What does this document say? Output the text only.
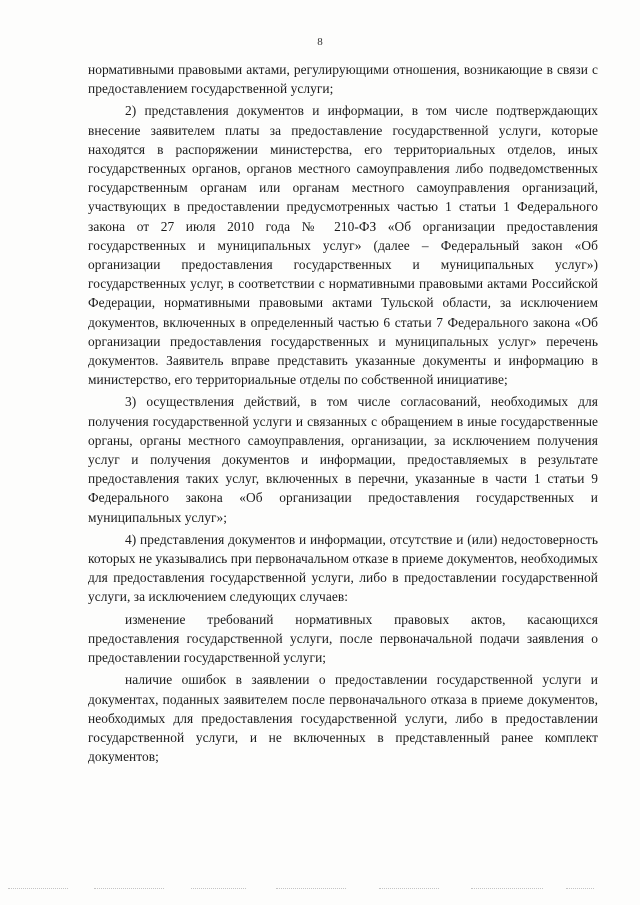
8

нормативными правовыми актами, регулирующими отношения, возникающие в связи с предоставлением государственной услуги;

2) представления документов и информации, в том числе подтверждающих внесение заявителем платы за предоставление государственной услуги, которые находятся в распоряжении министерства, его территориальных отделов, иных государственных органов, органов местного самоуправления либо подведомственных государственным органам или органам местного самоуправления организаций, участвующих в предоставлении предусмотренных частью 1 статьи 1 Федерального закона от 27 июля 2010 года № 210-ФЗ «Об организации предоставления государственных и муниципальных услуг» (далее – Федеральный закон «Об организации предоставления государственных и муниципальных услуг») государственных услуг, в соответствии с нормативными правовыми актами Российской Федерации, нормативными правовыми актами Тульской области, за исключением документов, включенных в определенный частью 6 статьи 7 Федерального закона «Об организации предоставления государственных и муниципальных услуг» перечень документов. Заявитель вправе представить указанные документы и информацию в министерство, его территориальные отделы по собственной инициативе;

3) осуществления действий, в том числе согласований, необходимых для получения государственной услуги и связанных с обращением в иные государственные органы, органы местного самоуправления, организации, за исключением получения услуг и получения документов и информации, предоставляемых в результате предоставления таких услуг, включенных в перечни, указанные в части 1 статьи 9 Федерального закона «Об организации предоставления государственных и муниципальных услуг»;

4) представления документов и информации, отсутствие и (или) недостоверность которых не указывались при первоначальном отказе в приеме документов, необходимых для предоставления государственной услуги, либо в предоставлении государственной услуги, за исключением следующих случаев:

изменение требований нормативных правовых актов, касающихся предоставления государственной услуги, после первоначальной подачи заявления о предоставлении государственной услуги;

наличие ошибок в заявлении о предоставлении государственной услуги и документах, поданных заявителем после первоначального отказа в приеме документов, необходимых для предоставления государственной услуги, либо в предоставлении государственной услуги, и не включенных в представленный ранее комплект документов;
